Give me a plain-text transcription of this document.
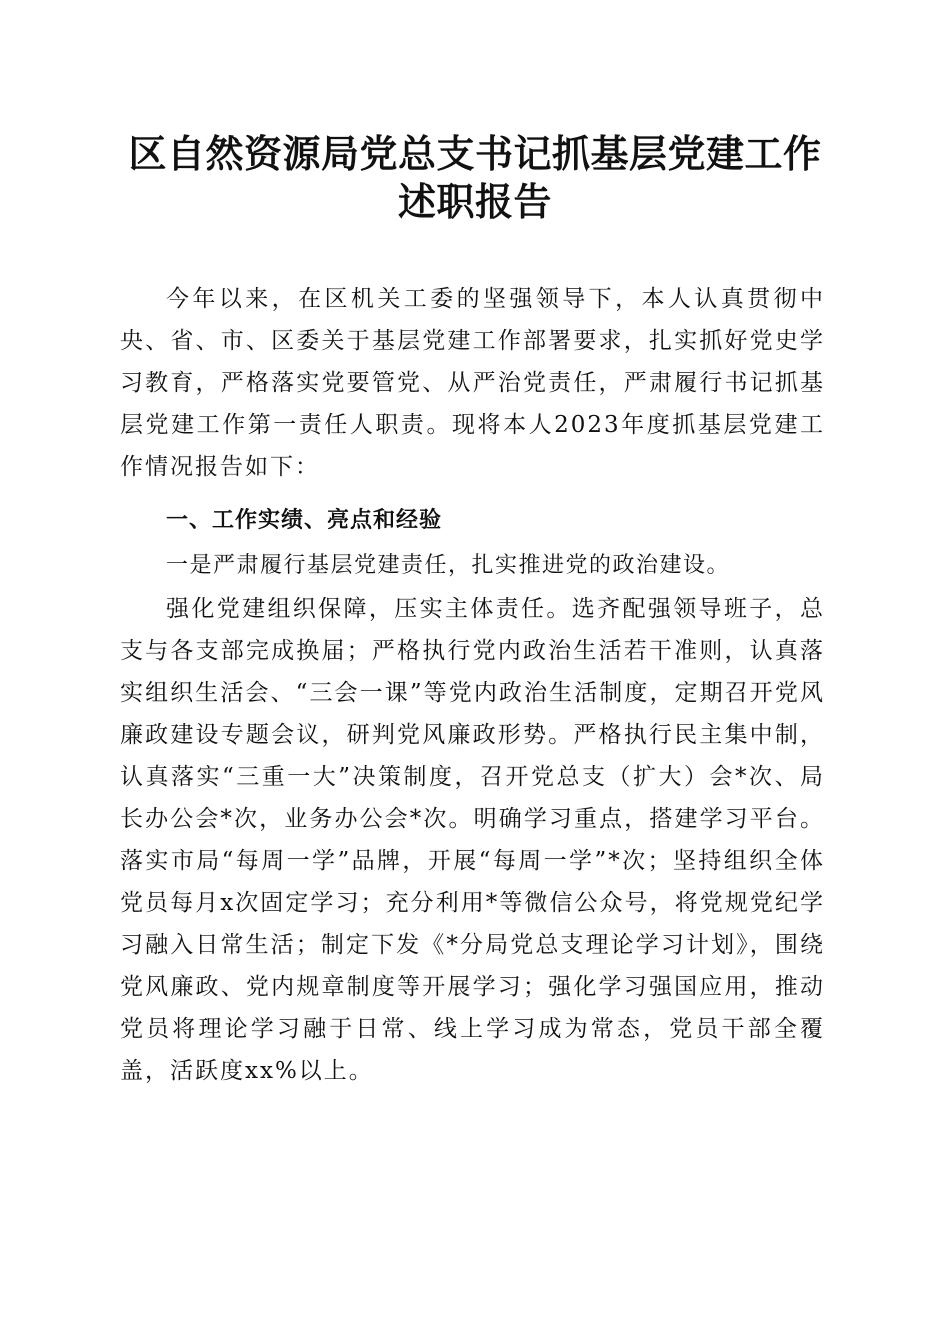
区自然资源局党总支书记抓基层党建工作述职报告

今年以来，在区机关工委的坚强领导下，本人认真贯彻中央、省、市、区委关于基层党建工作部署要求，扎实抓好党史学习教育，严格落实党要管党、从严治党责任，严肃履行书记抓基层党建工作第一责任人职责。现将本人2023年度抓基层党建工作情况报告如下：

一、工作实绩、亮点和经验
一是严肃履行基层党建责任，扎实推进党的政治建设。

强化党建组织保障，压实主体责任。选齐配强领导班子，总支与各支部完成换届；严格执行党内政治生活若干准则，认真落实组织生活会、“三会一课”等党内政治生活制度，定期召开党风廉政建设专题会议，研判党风廉政形势。严格执行民主集中制，认真落实“三重一大”决策制度，召开党总支（扩大）会*次、局长办公会*次，业务办公会*次。明确学习重点，搭建学习平台。落实市局“每周一学”品牌，开展“每周一学”*次；坚持组织全体党员每月x次固定学习；充分利用*等微信公众号，将党规党纪学习融入日常生活；制定下发《*分局党总支理论学习计划》，围绕党风廉政、党内规章制度等开展学习；强化学习强国应用，推动党员将理论学习融于日常、线上学习成为常态，党员干部全覆盖，活跃度xx%以上。
